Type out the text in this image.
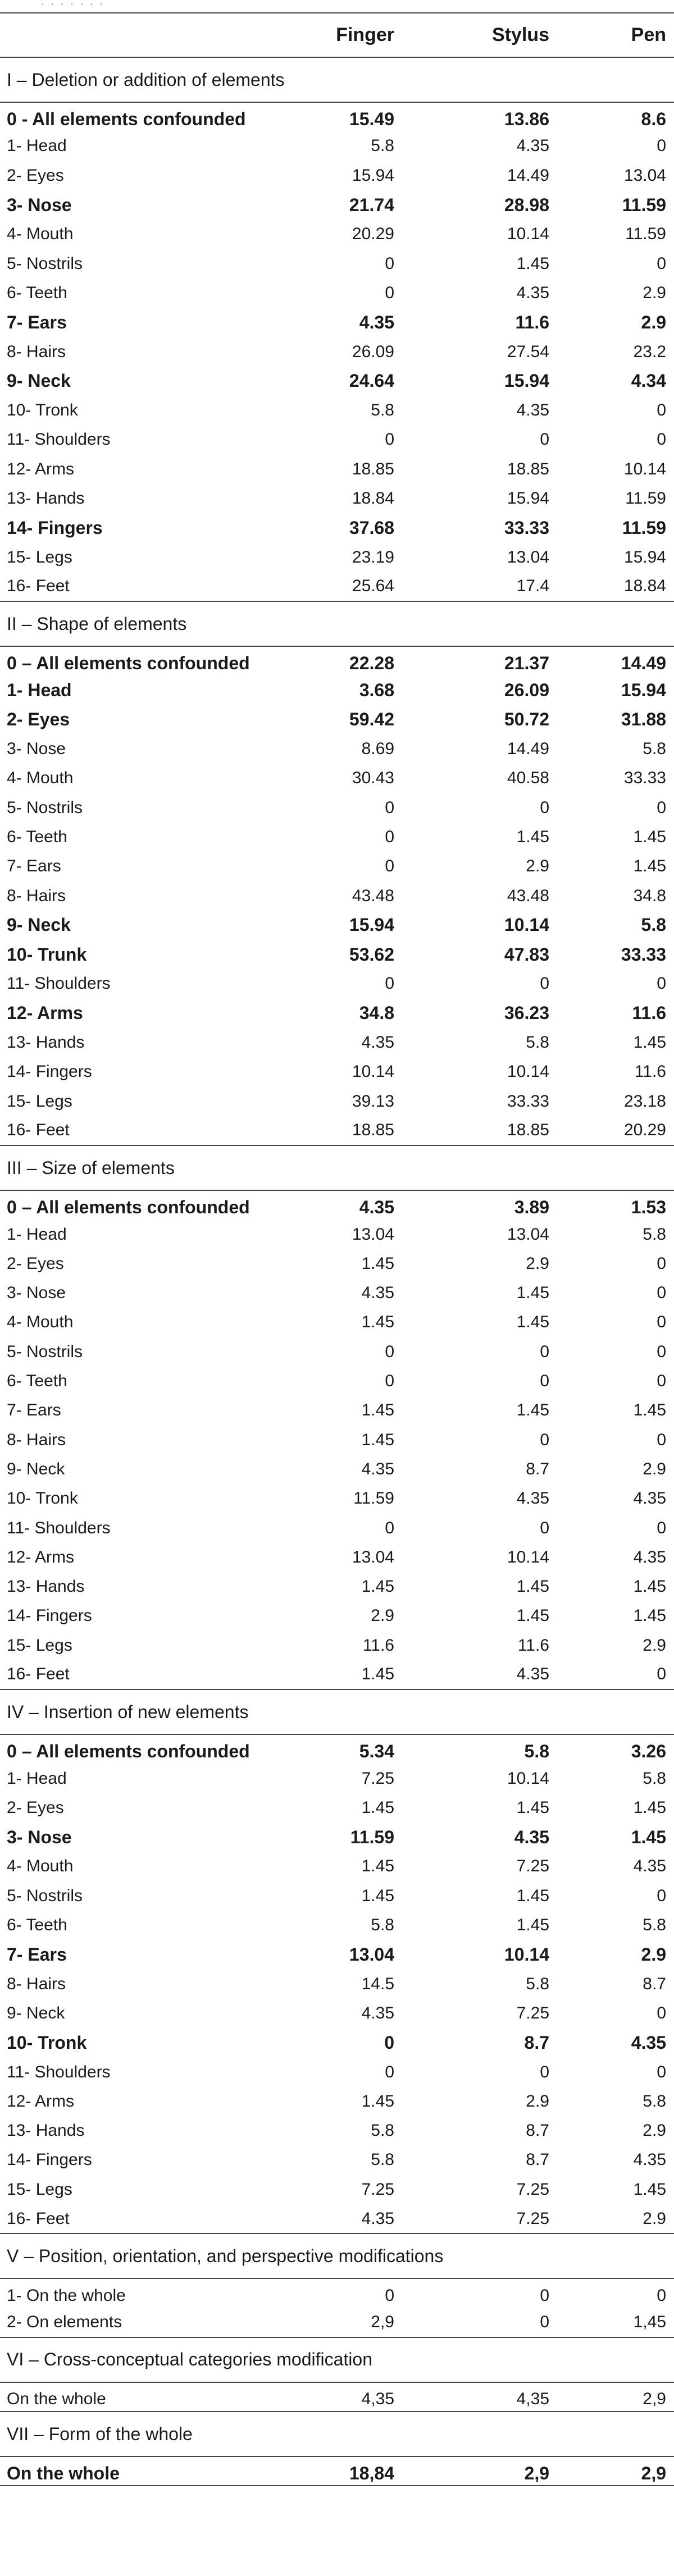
· · · · · · ·
	Finger	Stylus	Pen
I – Deletion or addition of elements			
0 - All elements confounded	15.49	13.86	8.6
1- Head	5.8	4.35	0
2- Eyes	15.94	14.49	13.04
3- Nose	21.74	28.98	11.59
4- Mouth	20.29	10.14	11.59
5- Nostrils	0	1.45	0
6- Teeth	0	4.35	2.9
7- Ears	4.35	11.6	2.9
8- Hairs	26.09	27.54	23.2
9- Neck	24.64	15.94	4.34
10- Tronk	5.8	4.35	0
11- Shoulders	0	0	0
12- Arms	18.85	18.85	10.14
13- Hands	18.84	15.94	11.59
14- Fingers	37.68	33.33	11.59
15- Legs	23.19	13.04	15.94
16- Feet	25.64	17.4	18.84
II – Shape of elements			
0 – All elements confounded	22.28	21.37	14.49
1- Head	3.68	26.09	15.94
2- Eyes	59.42	50.72	31.88
3- Nose	8.69	14.49	5.8
4- Mouth	30.43	40.58	33.33
5- Nostrils	0	0	0
6- Teeth	0	1.45	1.45
7- Ears	0	2.9	1.45
8- Hairs	43.48	43.48	34.8
9- Neck	15.94	10.14	5.8
10- Trunk	53.62	47.83	33.33
11- Shoulders	0	0	0
12- Arms	34.8	36.23	11.6
13- Hands	4.35	5.8	1.45
14- Fingers	10.14	10.14	11.6
15- Legs	39.13	33.33	23.18
16- Feet	18.85	18.85	20.29
III – Size of elements			
0 – All elements confounded	4.35	3.89	1.53
1- Head	13.04	13.04	5.8
2- Eyes	1.45	2.9	0
3- Nose	4.35	1.45	0
4- Mouth	1.45	1.45	0
5- Nostrils	0	0	0
6- Teeth	0	0	0
7- Ears	1.45	1.45	1.45
8- Hairs	1.45	0	0
9- Neck	4.35	8.7	2.9
10- Tronk	11.59	4.35	4.35
11- Shoulders	0	0	0
12- Arms	13.04	10.14	4.35
13- Hands	1.45	1.45	1.45
14- Fingers	2.9	1.45	1.45
15- Legs	11.6	11.6	2.9
16- Feet	1.45	4.35	0
IV – Insertion of new elements			
0 – All elements confounded	5.34	5.8	3.26
1- Head	7.25	10.14	5.8
2- Eyes	1.45	1.45	1.45
3- Nose	11.59	4.35	1.45
4- Mouth	1.45	7.25	4.35
5- Nostrils	1.45	1.45	0
6- Teeth	5.8	1.45	5.8
7- Ears	13.04	10.14	2.9
8- Hairs	14.5	5.8	8.7
9- Neck	4.35	7.25	0
10- Tronk	0	8.7	4.35
11- Shoulders	0	0	0
12- Arms	1.45	2.9	5.8
13- Hands	5.8	8.7	2.9
14- Fingers	5.8	8.7	4.35
15- Legs	7.25	7.25	1.45
16- Feet	4.35	7.25	2.9
V – Position, orientation, and perspective modifications			
1- On the whole	0	0	0
2- On elements	2,9	0	1,45
VI – Cross-conceptual categories modification			
On the whole	4,35	4,35	2,9
VII – Form of the whole			
On the whole	18,84	2,9	2,9
